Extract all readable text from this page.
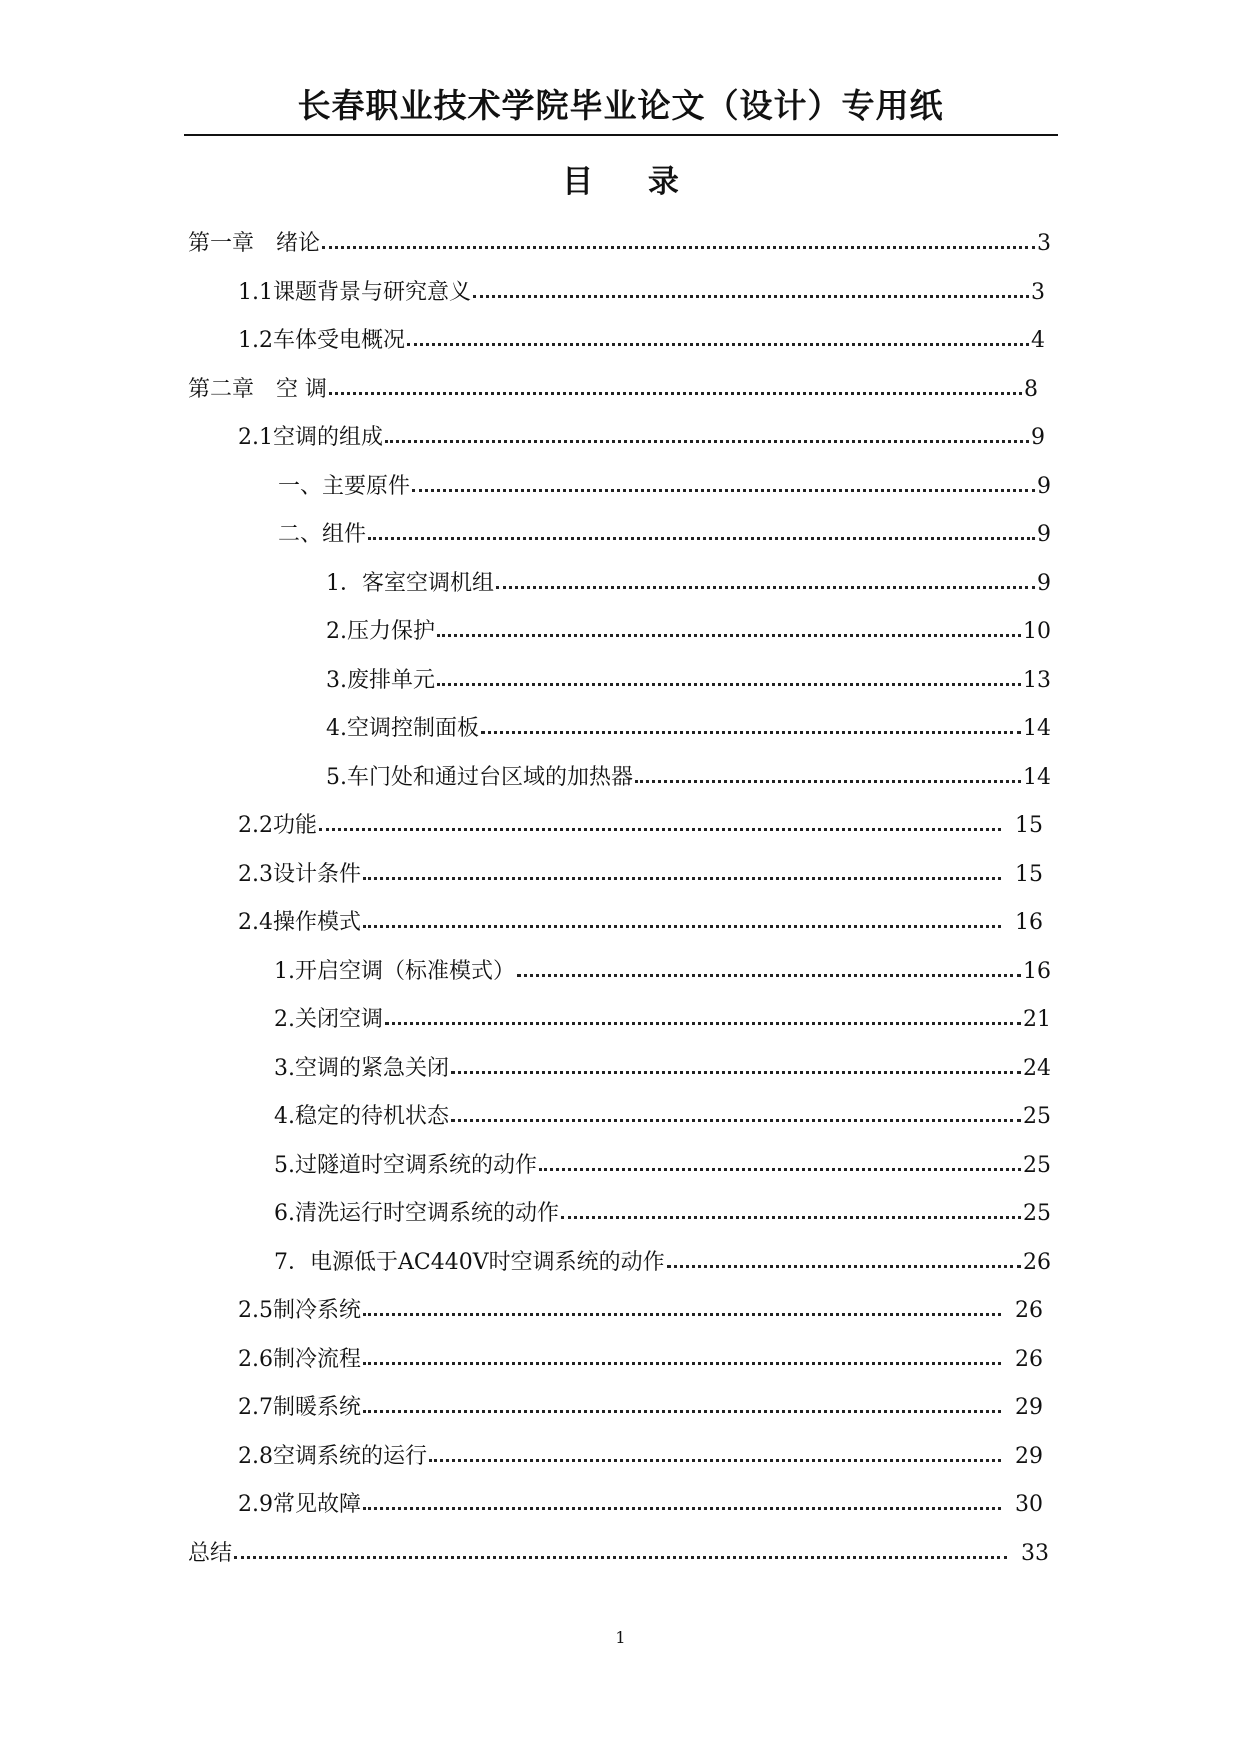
长春职业技术学院毕业论文（设计）专用纸
目 录
第一章　绪论	3
1.1课题背景与研究意义	3
1.2车体受电概况	4
第二章　空 调	8
2.1空调的组成	9
一、主要原件	9
二、组件	9
1．客室空调机组	9
2.压力保护	10
3.废排单元	13
4.空调控制面板	14
5.车门处和通过台区域的加热器	14
2.2功能	15
2.3设计条件	15
2.4操作模式	16
1.开启空调（标准模式）	16
2.关闭空调	21
3.空调的紧急关闭	24
4.稳定的待机状态	25
5.过隧道时空调系统的动作	25
6.清洗运行时空调系统的动作	25
7．电源低于AC440V时空调系统的动作	26
2.5制冷系统	26
2.6制冷流程	26
2.7制暖系统	29
2.8空调系统的运行	29
2.9常见故障	30
总结	33
1
